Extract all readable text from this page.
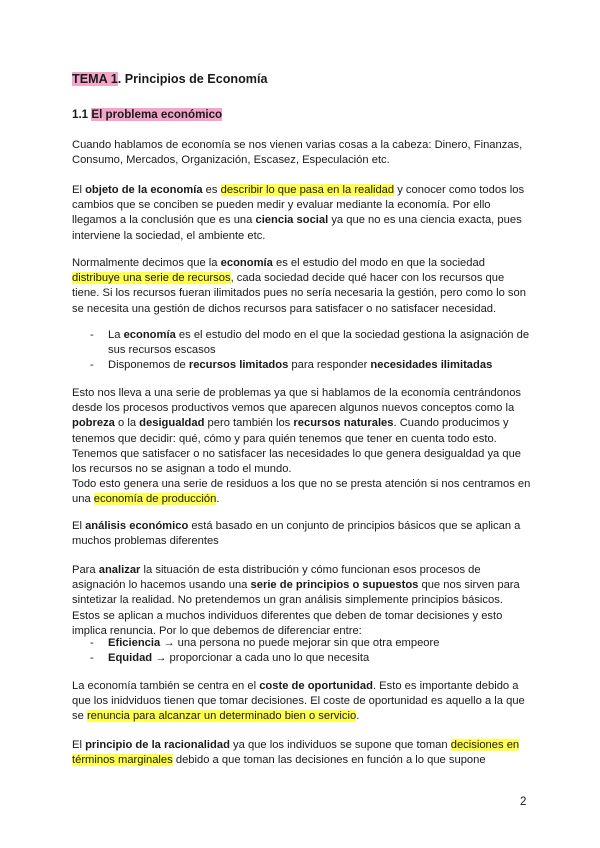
TEMA 1. Principios de Economía
1.1 El problema económico

Cuando hablamos de economía se nos vienen varias cosas a la cabeza: Dinero, Finanzas, Consumo, Mercados, Organización, Escasez, Especulación etc.

El objeto de la economía es describir lo que pasa en la realidad y conocer como todos los cambios que se conciben se pueden medir y evaluar mediante la economía. Por ello llegamos a la conclusión que es una ciencia social ya que no es una ciencia exacta, pues interviene la sociedad, el ambiente etc.

Normalmente decimos que la economía es el estudio del modo en que la sociedad distribuye una serie de recursos, cada sociedad decide qué hacer con los recursos que tiene. Si los recursos fueran ilimitados pues no sería necesaria la gestión, pero como lo son se necesita una gestión de dichos recursos para satisfacer o no satisfacer necesidad.

- La economía es el estudio del modo en el que la sociedad gestiona la asignación de sus recursos escasos
- Disponemos de recursos limitados para responder necesidades ilimitadas

Esto nos lleva a una serie de problemas ya que si hablamos de la economía centrándonos desde los procesos productivos vemos que aparecen algunos nuevos conceptos como la pobreza o la desigualdad pero también los recursos naturales. Cuando producimos y tenemos que decidir: qué, cómo y para quién tenemos que tener en cuenta todo esto. Tenemos que satisfacer o no satisfacer las necesidades lo que genera desigualdad ya que los recursos no se asignan a todo el mundo.
Todo esto genera una serie de residuos a los que no se presta atención si nos centramos en una economía de producción.

El análisis económico está basado en un conjunto de principios básicos que se aplican a muchos problemas diferentes

Para analizar la situación de esta distribución y cómo funcionan esos procesos de asignación lo hacemos usando una serie de principios o supuestos que nos sirven para sintetizar la realidad. No pretendemos un gran análisis simplemente principios básicos. Estos se aplican a muchos individuos diferentes que deben de tomar decisiones y esto implica renuncia. Por lo que debemos de diferenciar entre:

- Eficiencia → una persona no puede mejorar sin que otra empeore
- Equidad → proporcionar a cada uno lo que necesita

La economía también se centra en el coste de oportunidad. Esto es importante debido a que los inidviduos tienen que tomar decisiones. El coste de oportunidad es aquello a la que se renuncia para alcanzar un determinado bien o servicio.

El principio de la racionalidad ya que los individuos se supone que toman decisiones en términos marginales debido a que toman las decisiones en función a lo que supone

2
